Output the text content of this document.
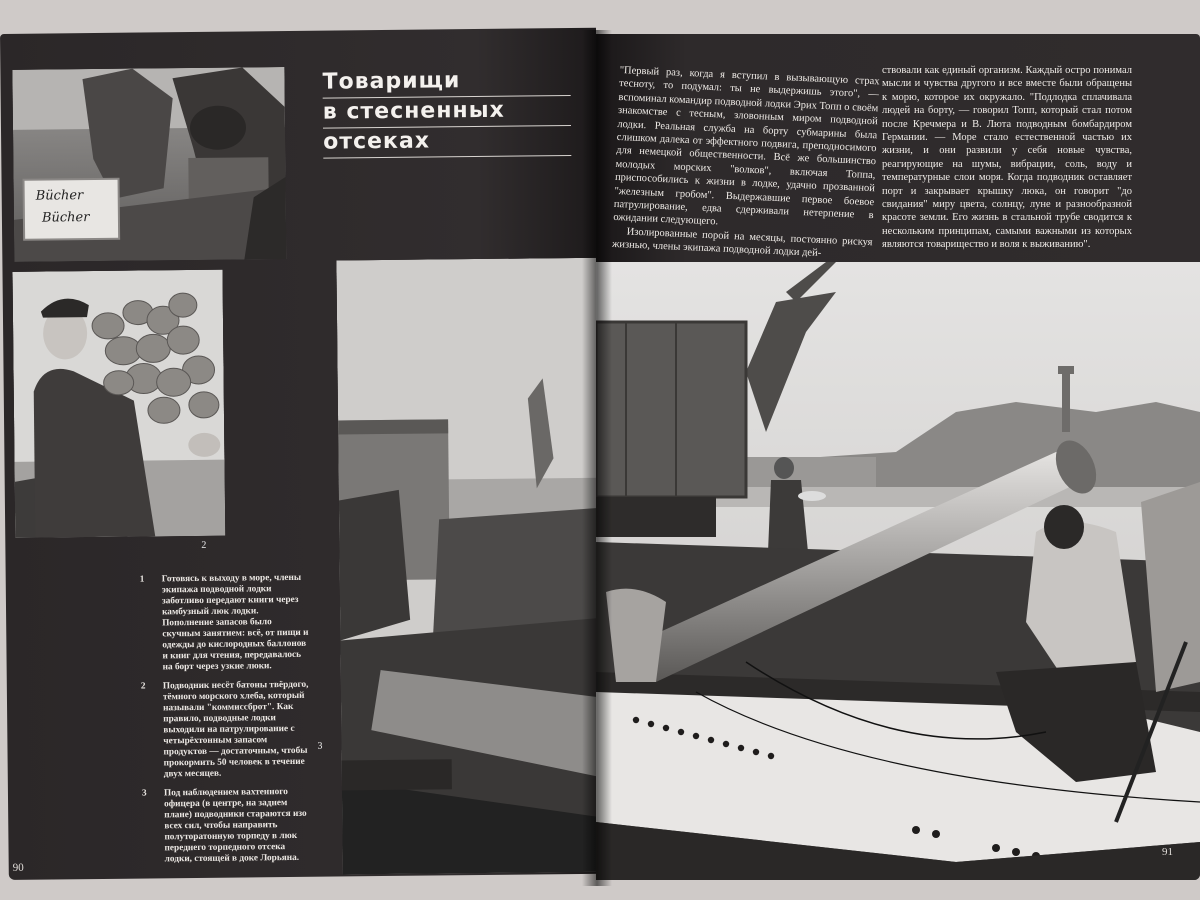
Bücher
Bücher
2
Товарищи
в стесненных
отсеках
3
1 Готовясь к выходу в море, члены экипажа подводной лодки заботливо передают книги через камбузный люк лодки. Пополнение запасов было скучным занятием: всё, от пищи и одежды до кислородных баллонов и книг для чтения, передавалось на борт через узкие люки.
2 Подводник несёт батоны твёрдого, тёмного морского хлеба, который называли "коммиссброт". Как правило, подводные лодки выходили на патрулирование с четырёхтонным запасом продуктов — достаточным, чтобы прокормить 50 человек в течение двух месяцев.
3 Под наблюдением вахтенного офицера (в центре, на заднем плане) подводники стараются изо всех сил, чтобы направить полуторатонную торпеду в люк переднего торпедного отсека лодки, стоящей в доке Лорьяна.
90

"Первый раз, когда я вступил в вызывающую страх тесноту, то подумал: ты не выдержишь этого", — вспоминал командир подводной лодки Эрих Топп о своём знакомстве с тесным, зловонным миром подводной лодки. Реальная служба на борту субмарины была слишком далека от эффектного подвига, преподносимого для немецкой общественности. Всё же большинство молодых морских "волков", включая Топпа, приспособились к жизни в лодке, удачно прозванной "железным гробом". Выдержавшие первое боевое патрулирование, едва сдерживали нетерпение в ожидании следующего.

Изолированные порой на месяцы, постоянно рискуя жизнью, члены экипажа подводной лодки дей-

ствовали как единый организм. Каждый остро понимал мысли и чувства другого и все вместе были обращены к морю, которое их окружало. "Подлодка сплачивала людей на борту, — говорил Топп, который стал потом после Кречмера и В. Люта подводным бомбардиром Германии. — Море стало естественной частью их жизни, и они развили у себя новые чувства, реагирующие на шумы, вибрации, соль, воду и температурные слои моря. Когда подводник оставляет порт и закрывает крышку люка, он говорит "до свидания" миру цвета, солнцу, луне и разнообразной красоте земли. Его жизнь в стальной трубе сводится к нескольким принципам, самыми важными из которых являются товарищество и воля к выживанию".

91
